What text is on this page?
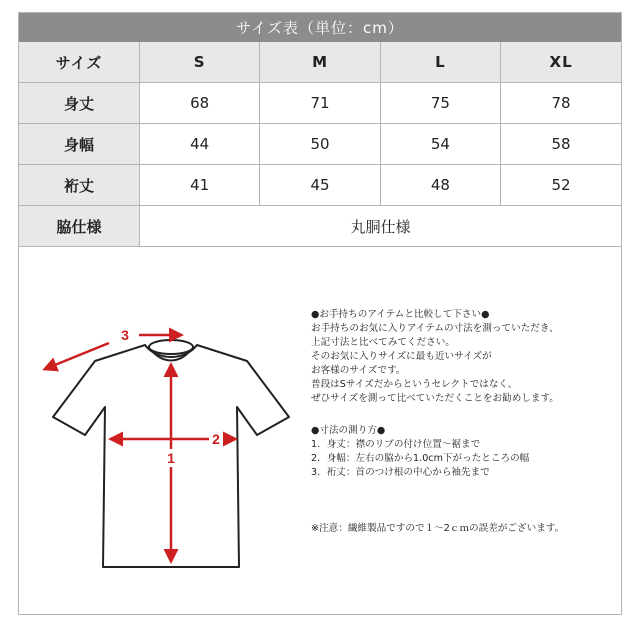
サイズ表（単位：cm）
サイズ	S	M	L	XL
身丈	68	71	75	78
身幅	44	50	54	58
裄丈	41	45	48	52
脇仕様	丸胴仕様			
1
2
3
●お手持ちのアイテムと比較して下さい●
お手持ちのお気に入りアイテムの寸法を測っていただき、
上記寸法と比べてみてください。
そのお気に入りサイズに最も近いサイズが
お客様のサイズです。
普段はSサイズだからというセレクトではなく、
ぜひサイズを測って比べていただくことをお勧めします。
●寸法の測り方●
1．身丈：襟のリブの付け位置～裾まで
2．身幅：左右の脇から1.0cm下がったところの幅
3．裄丈：首のつけ根の中心から袖先まで
※注意：繊維製品ですので１～2ｃｍの誤差がございます。
